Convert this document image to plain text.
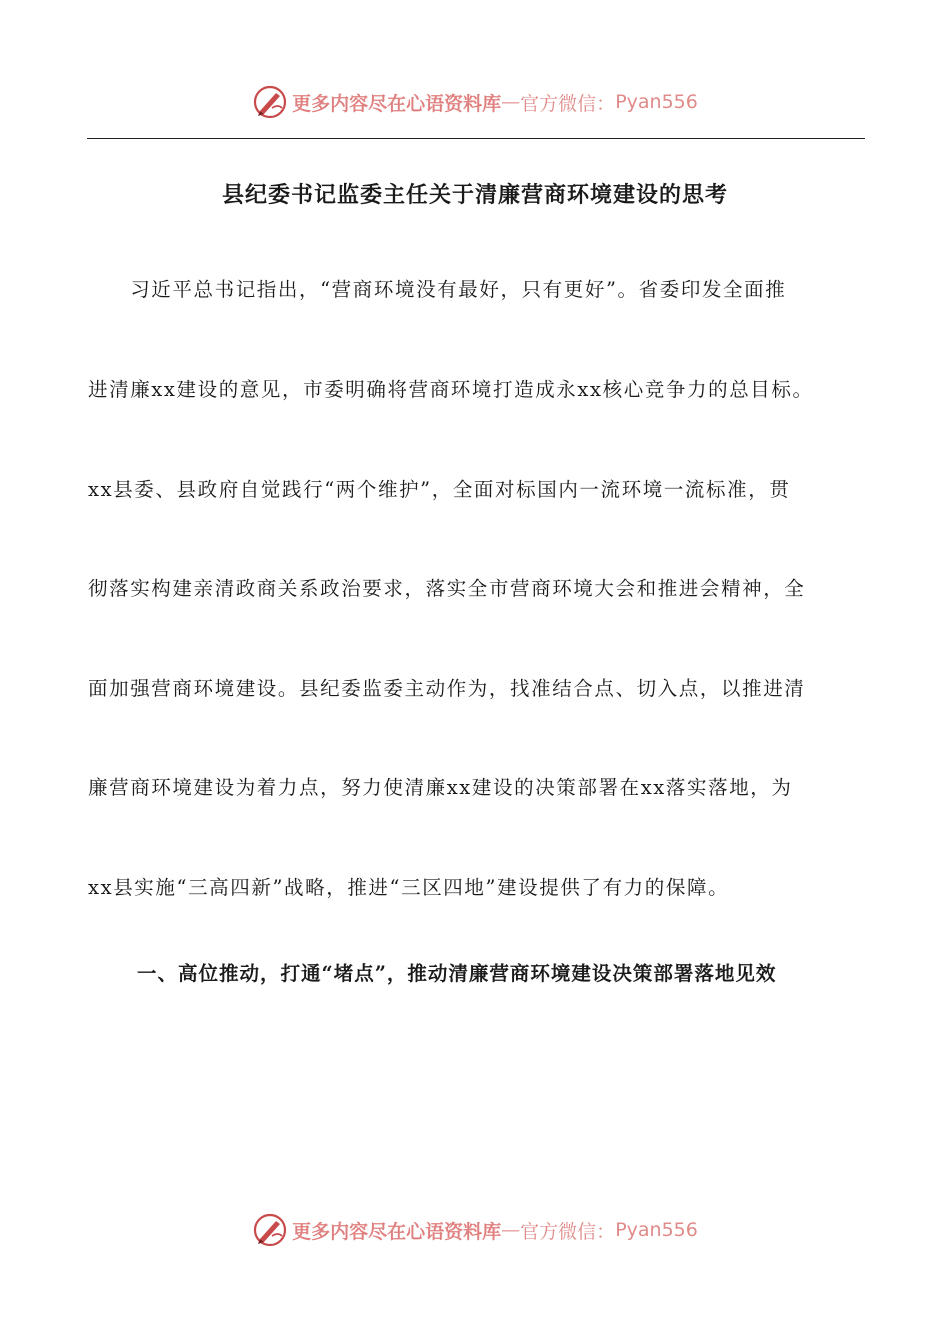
更多内容尽在心语资料库 — 官方微信： Pyan556
县纪委书记监委主任关于清廉营商环境建设的思考
　　习近平总书记指出，“营商环境没有最好，只有更好”。省委印发全面推
进清廉xx建设的意见，市委明确将营商环境打造成永xx核心竞争力的总目标。
xx县委、县政府自觉践行“两个维护”，全面对标国内一流环境一流标准，贯
彻落实构建亲清政商关系政治要求，落实全市营商环境大会和推进会精神，全
面加强营商环境建设。县纪委监委主动作为，找准结合点、切入点，以推进清
廉营商环境建设为着力点，努力使清廉xx建设的决策部署在xx落实落地，为
xx县实施“三高四新”战略，推进“三区四地”建设提供了有力的保障。
一、高位推动，打通“堵点”，推动清廉营商环境建设决策部署落地见效
更多内容尽在心语资料库 — 官方微信： Pyan556
